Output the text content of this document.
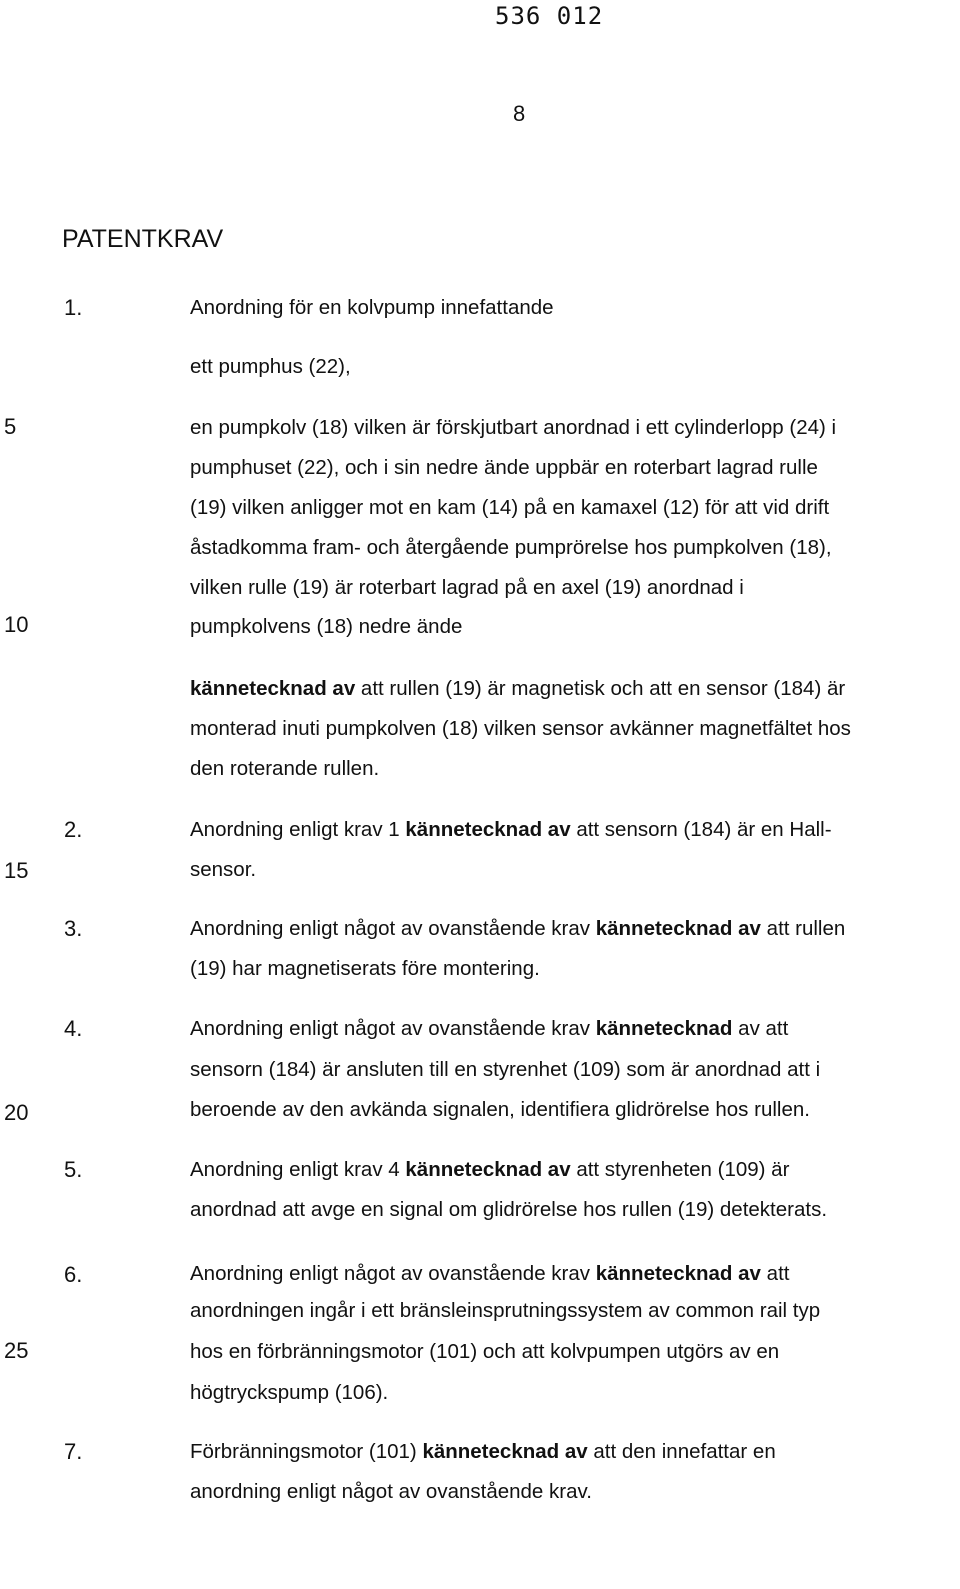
536 012
8
PATENTKRAV
5
10
15
20
25
1.
2.
3.
4.
5.
6.
7.
Anordning för en kolvpump innefattande
ett pumphus (22),
en pumpkolv (18) vilken är förskjutbart anordnad i ett cylinderlopp (24) i
pumphuset (22), och i sin nedre ände uppbär en roterbart lagrad rulle
(19) vilken anligger mot en kam (14) på en kamaxel (12) för att vid drift
åstadkomma fram- och återgående pumprörelse hos pumpkolven (18),
vilken rulle (19) är roterbart lagrad på en axel (19) anordnad i
pumpkolvens (18) nedre ände
kännetecknad av att rullen (19) är magnetisk och att en sensor (184) är
monterad inuti pumpkolven (18) vilken sensor avkänner magnetfältet hos
den roterande rullen.
Anordning enligt krav 1 kännetecknad av att sensorn (184) är en Hall-
sensor.
Anordning enligt något av ovanstående krav kännetecknad av att rullen
(19) har magnetiserats före montering.
Anordning enligt något av ovanstående krav kännetecknad av att
sensorn (184) är ansluten till en styrenhet (109) som är anordnad att i
beroende av den avkända signalen, identifiera glidrörelse hos rullen.
Anordning enligt krav 4 kännetecknad av att styrenheten (109) är
anordnad att avge en signal om glidrörelse hos rullen (19) detekterats.
Anordning enligt något av ovanstående krav kännetecknad av att
anordningen ingår i ett bränsleinsprutningssystem av common rail typ
hos en förbränningsmotor (101) och att kolvpumpen utgörs av en
högtryckspump (106).
Förbränningsmotor (101) kännetecknad av att den innefattar en
anordning enligt något av ovanstående krav.
